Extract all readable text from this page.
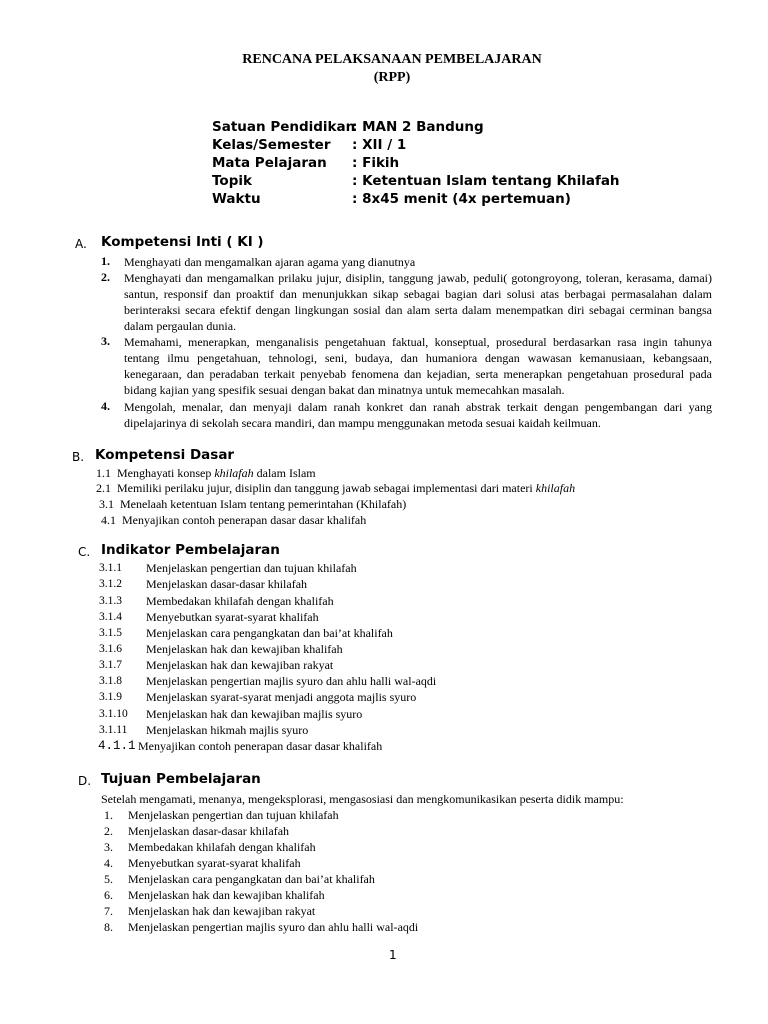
RENCANA PELAKSANAAN PEMBELAJARAN
(RPP)
Satuan Pendidikan
: MAN 2 Bandung
Kelas/Semester : XII / 1
Mata Pelajaran : Fikih
Topik	: Ketentuan Islam tentang Khilafah
Waktu	: 8x45 menit (4x pertemuan)
A. Kompetensi Inti ( KI )
1. Menghayati dan mengamalkan ajaran agama yang dianutnya
2. Menghayati dan mengamalkan prilaku jujur, disiplin, tanggung jawab, peduli( gotongroyong, toleran, kerasama, damai) santun, responsif dan proaktif dan menunjukkan sikap sebagai bagian dari solusi atas berbagai permasalahan dalam berinteraksi secara efektif dengan lingkungan sosial dan alam serta dalam menempatkan diri sebagai cerminan bangsa dalam pergaulan dunia.
3. Memahami, menerapkan, menganalisis pengetahuan faktual, konseptual, prosedural berdasarkan rasa ingin tahunya tentang ilmu pengetahuan, tehnologi, seni, budaya, dan humaniora dengan wawasan kemanusiaan, kebangsaan, kenegaraan, dan peradaban terkait penyebab fenomena dan kejadian, serta menerapkan pengetahuan prosedural pada bidang kajian yang spesifik sesuai dengan bakat dan minatnya untuk memecahkan masalah.
4. Mengolah, menalar, dan menyaji dalam ranah konkret dan ranah abstrak terkait dengan pengembangan dari yang dipelajarinya di sekolah secara mandiri, dan mampu menggunakan metoda sesuai kaidah keilmuan.
B. Kompetensi Dasar
1.1 Menghayati konsep khilafah dalam Islam
2.1 Memiliki perilaku jujur, disiplin dan tanggung jawab sebagai implementasi dari materi khilafah
3.1 Menelaah ketentuan Islam tentang pemerintahan (Khilafah)
4.1 Menyajikan contoh penerapan dasar dasar khalifah
C. Indikator Pembelajaran
3.1.1 Menjelaskan pengertian dan tujuan khilafah
3.1.2 Menjelaskan dasar-dasar khilafah
3.1.3 Membedakan khilafah dengan khalifah
3.1.4 Menyebutkan syarat-syarat khalifah
3.1.5 Menjelaskan cara pengangkatan dan bai’at khalifah
3.1.6 Menjelaskan hak dan kewajiban khalifah
3.1.7 Menjelaskan hak dan kewajiban rakyat
3.1.8 Menjelaskan pengertian majlis syuro dan ahlu halli wal-aqdi
3.1.9 Menjelaskan syarat-syarat menjadi anggota majlis syuro
3.1.10 Menjelaskan hak dan kewajiban majlis syuro
3.1.11 Menjelaskan hikmah majlis syuro
4.1.1 Menyajikan contoh penerapan dasar dasar khalifah
D. Tujuan Pembelajaran
Setelah mengamati, menanya, mengeksplorasi, mengasosiasi dan mengkomunikasikan peserta didik mampu:
1. Menjelaskan pengertian dan tujuan khilafah
2. Menjelaskan dasar-dasar khilafah
3. Membedakan khilafah dengan khalifah
4. Menyebutkan syarat-syarat khalifah
5. Menjelaskan cara pengangkatan dan bai’at khalifah
6. Menjelaskan hak dan kewajiban khalifah
7. Menjelaskan hak dan kewajiban rakyat
8. Menjelaskan pengertian majlis syuro dan ahlu halli wal-aqdi
1
